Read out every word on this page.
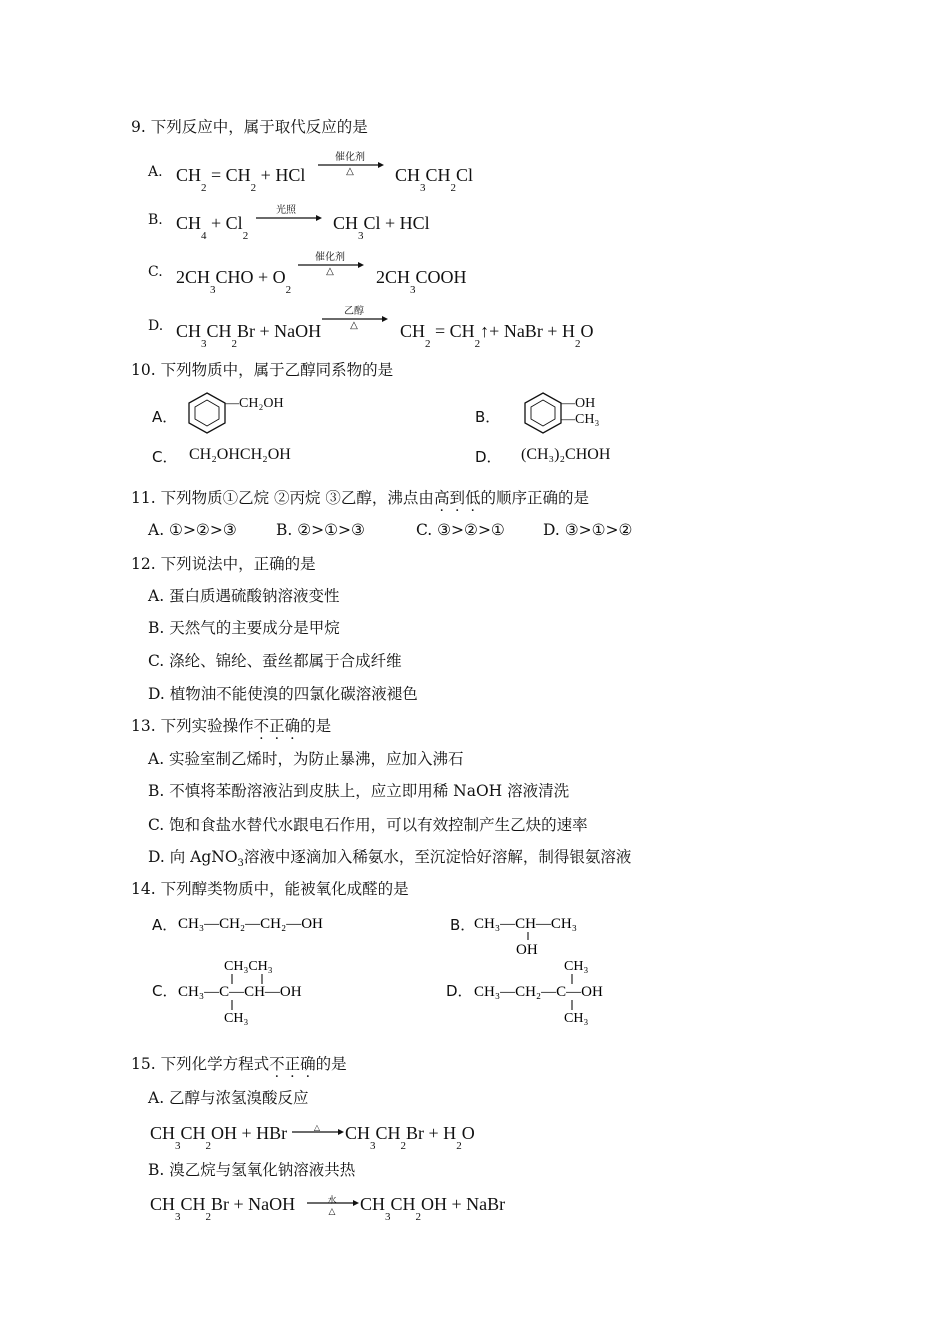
9. 下列反应中，属于取代反应的是
A. $CH_2 = CH_2$ + HCl
催化剂
△	$CH_3CH_2Cl$
B. $CH_4 + Cl_2$
光照
$CH_3Cl$ + HCl
C. $2CH_3CHO + O_2$
催化剂
△	$2CH_3COOH$
D. $CH_3CH_2Br$ + NaOH
乙醇
△	$CH_2$ = $CH_2↑+$ NaBr + $H_2O$
10. 下列物质中，属于乙醇同系物的是
A．
—CH₂OH
B．
—OH
—CH₃
C． CH₂OHCH₂OH	D． (CH₃)₂CHOH
11. 下列物质①乙烷 ②丙烷 ③乙醇，沸点由高到低的顺序正确的是
A. ①>②>③	B. ②>①>③	C. ③>②>① D. ③>①>②
12. 下列说法中，正确的是
A. 蛋白质遇硫酸钠溶液变性
B. 天然气的主要成分是甲烷
C. 涤纶、锦纶、蚕丝都属于合成纤维
D. 植物油不能使溴的四氯化碳溶液褪色
13. 下列实验操作不正确的是
A. 实验室制乙烯时，为防止暴沸，应加入沸石
B. 不慎将苯酚溶液沾到皮肤上，应立即用稀 NaOH 溶液清洗
C. 饱和食盐水替代水跟电石作用，可以有效控制产生乙炔的速率
D. 向 AgNO$_3$溶液中逐滴加入稀氨水，至沉淀恰好溶解，制得银氨溶液
14. 下列醇类物质中，能被氧化成醛的是
A． CH₃—CH₂—CH₂—OH	B．
CH₃—CH—CH₃
OH
C．
CH₃CH₃
CH₃—C—CH—OH
CH₃
D．
CH₃
CH₃—CH₂—C—OH
CH₃
15. 下列化学方程式不正确的是
A. 乙醇与浓氢溴酸反应
$CH_3CH_2OH$ + HBr	△	$CH_3CH_2Br + H_2O$
B. 溴乙烷与氢氧化钠溶液共热
$CH_3CH_2Br$ + NaOH	水
△	$CH_3CH_2OH$ + NaBr
